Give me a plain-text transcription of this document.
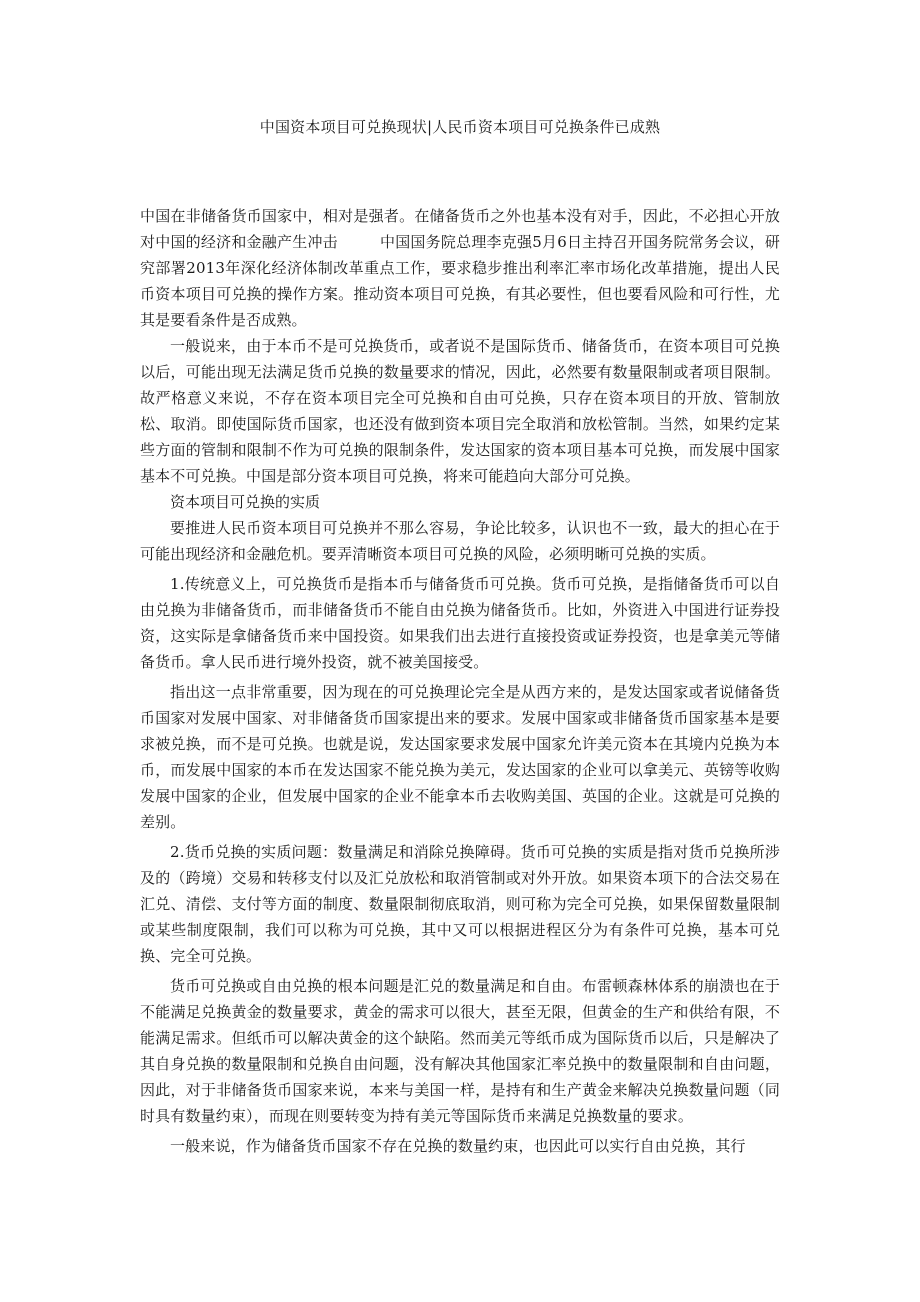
中国资本项目可兑换现状|人民币资本项目可兑换条件已成熟

中国在非储备货币国家中，相对是强者。在储备货币之外也基本没有对手，因此，不必担心开放对中国的经济和金融产生冲击	中国国务院总理李克强5月6日主持召开国务院常务会议，研究部署2013年深化经济体制改革重点工作，要求稳步推出利率汇率市场化改革措施，提出人民币资本项目可兑换的操作方案。推动资本项目可兑换，有其必要性，但也要看风险和可行性，尤其是要看条件是否成熟。

一般说来，由于本币不是可兑换货币，或者说不是国际货币、储备货币，在资本项目可兑换以后，可能出现无法满足货币兑换的数量要求的情况，因此，必然要有数量限制或者项目限制。故严格意义来说，不存在资本项目完全可兑换和自由可兑换，只存在资本项目的开放、管制放松、取消。即使国际货币国家，也还没有做到资本项目完全取消和放松管制。当然，如果约定某些方面的管制和限制不作为可兑换的限制条件，发达国家的资本项目基本可兑换，而发展中国家基本不可兑换。中国是部分资本项目可兑换，将来可能趋向大部分可兑换。

资本项目可兑换的实质

要推进人民币资本项目可兑换并不那么容易，争论比较多，认识也不一致，最大的担心在于可能出现经济和金融危机。要弄清晰资本项目可兑换的风险，必须明晰可兑换的实质。

1.传统意义上，可兑换货币是指本币与储备货币可兑换。货币可兑换，是指储备货币可以自由兑换为非储备货币，而非储备货币不能自由兑换为储备货币。比如，外资进入中国进行证券投资，这实际是拿储备货币来中国投资。如果我们出去进行直接投资或证券投资，也是拿美元等储备货币。拿人民币进行境外投资，就不被美国接受。

指出这一点非常重要，因为现在的可兑换理论完全是从西方来的，是发达国家或者说储备货币国家对发展中国家、对非储备货币国家提出来的要求。发展中国家或非储备货币国家基本是要求被兑换，而不是可兑换。也就是说，发达国家要求发展中国家允许美元资本在其境内兑换为本币，而发展中国家的本币在发达国家不能兑换为美元，发达国家的企业可以拿美元、英镑等收购发展中国家的企业，但发展中国家的企业不能拿本币去收购美国、英国的企业。这就是可兑换的差别。

2.货币兑换的实质问题：数量满足和消除兑换障碍。货币可兑换的实质是指对货币兑换所涉及的（跨境）交易和转移支付以及汇兑放松和取消管制或对外开放。如果资本项下的合法交易在汇兑、清偿、支付等方面的制度、数量限制彻底取消，则可称为完全可兑换，如果保留数量限制或某些制度限制，我们可以称为可兑换，其中又可以根据进程区分为有条件可兑换，基本可兑换、完全可兑换。

货币可兑换或自由兑换的根本问题是汇兑的数量满足和自由。布雷顿森林体系的崩溃也在于不能满足兑换黄金的数量要求，黄金的需求可以很大，甚至无限，但黄金的生产和供给有限，不能满足需求。但纸币可以解决黄金的这个缺陷。然而美元等纸币成为国际货币以后，只是解决了其自身兑换的数量限制和兑换自由问题，没有解决其他国家汇率兑换中的数量限制和自由问题，因此，对于非储备货币国家来说，本来与美国一样，是持有和生产黄金来解决兑换数量问题（同时具有数量约束），而现在则要转变为持有美元等国际货币来满足兑换数量的要求。

一般来说，作为储备货币国家不存在兑换的数量约束，也因此可以实行自由兑换，其行
